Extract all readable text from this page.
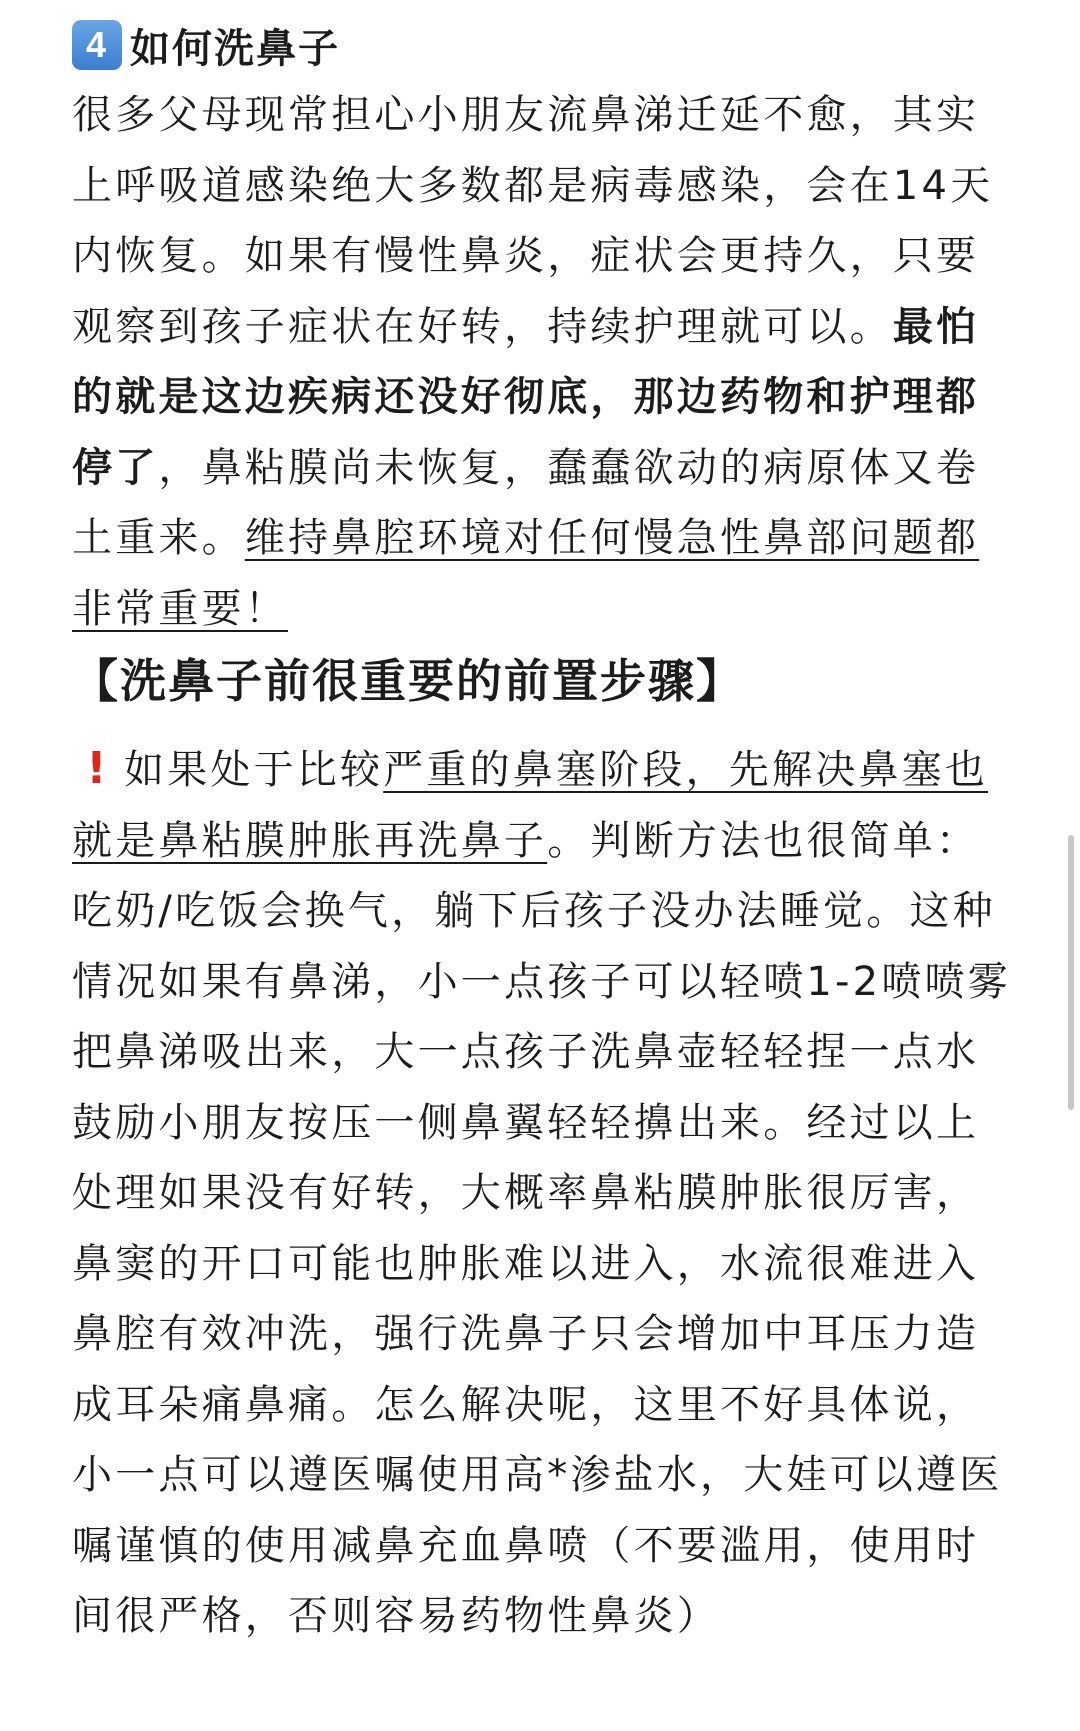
4 如何洗鼻子

很多父母现常担心小朋友流鼻涕迁延不愈，其实上呼吸道感染绝大多数都是病毒感染，会在14天内恢复。如果有慢性鼻炎，症状会更持久，只要观察到孩子症状在好转，持续护理就可以。最怕的就是这边疾病还没好彻底，那边药物和护理都停了，鼻粘膜尚未恢复，蠢蠢欲动的病原体又卷土重来。维持鼻腔环境对任何慢急性鼻部问题都非常重要！

【洗鼻子前很重要的前置步骤】

! 如果处于比较严重的鼻塞阶段，先解决鼻塞也就是鼻粘膜肿胀再洗鼻子。判断方法也很简单：吃奶/吃饭会换气，躺下后孩子没办法睡觉。这种情况如果有鼻涕，小一点孩子可以轻喷1-2喷喷雾把鼻涕吸出来，大一点孩子洗鼻壶轻轻捏一点水鼓励小朋友按压一侧鼻翼轻轻擤出来。经过以上处理如果没有好转，大概率鼻粘膜肿胀很厉害，鼻窦的开口可能也肿胀难以进入，水流很难进入鼻腔有效冲洗，强行洗鼻子只会增加中耳压力造成耳朵痛鼻痛。怎么解决呢，这里不好具体说，小一点可以遵医嘱使用高*渗盐水，大娃可以遵医嘱谨慎的使用减鼻充血鼻喷（不要滥用，使用时间很严格，否则容易药物性鼻炎）
